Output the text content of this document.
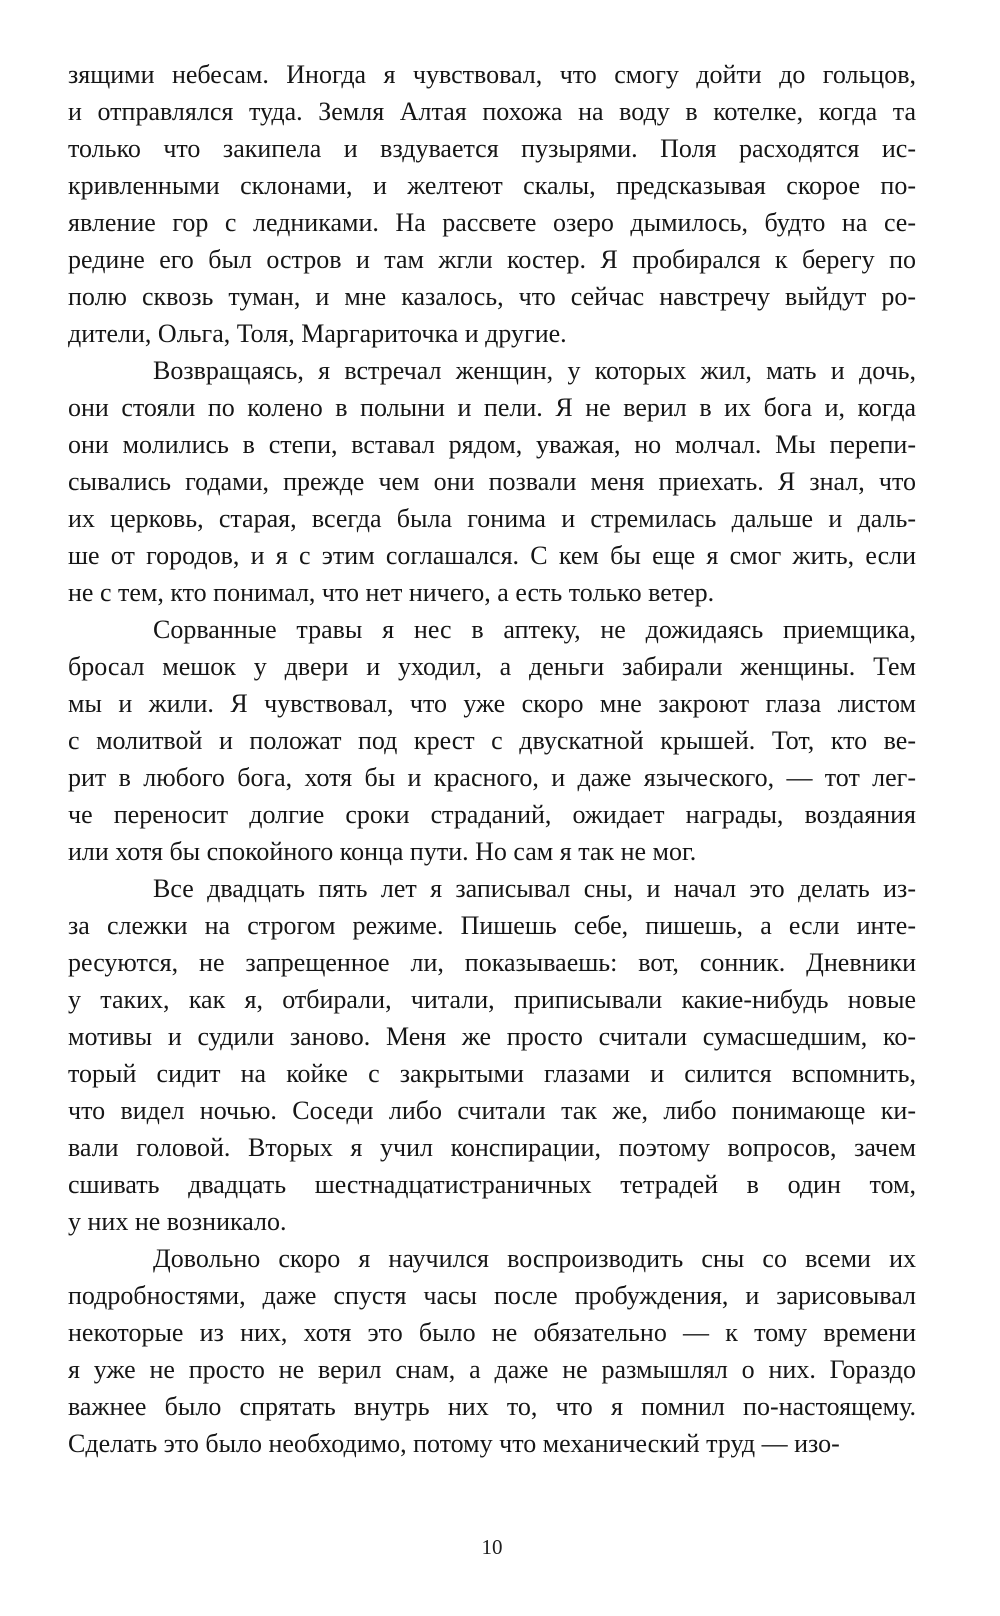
зящими небесам. Иногда я чувствовал, что смогу дойти до гольцов,
и отправлялся туда. Земля Алтая похожа на воду в котелке, когда та
только что закипела и вздувается пузырями. Поля расходятся ис-
кривленными склонами, и желтеют скалы, предсказывая скорое по-
явление гор с ледниками. На рассвете озеро дымилось, будто на се-
редине его был остров и там жгли костер. Я пробирался к берегу по
полю сквозь туман, и мне казалось, что сейчас навстречу выйдут ро-
дители, Ольга, Толя, Маргариточка и другие.
Возвращаясь, я встречал женщин, у которых жил, мать и дочь,
они стояли по колено в полыни и пели. Я не верил в их бога и, когда
они молились в степи, вставал рядом, уважая, но молчал. Мы перепи-
сывались годами, прежде чем они позвали меня приехать. Я знал, что
их церковь, старая, всегда была гонима и стремилась дальше и даль-
ше от городов, и я с этим соглашался. С кем бы еще я смог жить, если
не с тем, кто понимал, что нет ничего, а есть только ветер.
Сорванные травы я нес в аптеку, не дожидаясь приемщика,
бросал мешок у двери и уходил, а деньги забирали женщины. Тем
мы и жили. Я чувствовал, что уже скоро мне закроют глаза листом
с молитвой и положат под крест с двускатной крышей. Тот, кто ве-
рит в любого бога, хотя бы и красного, и даже языческого, — тот лег-
че переносит долгие сроки страданий, ожидает награды, воздаяния
или хотя бы спокойного конца пути. Но сам я так не мог.
Все двадцать пять лет я записывал сны, и начал это делать из-
за слежки на строгом режиме. Пишешь себе, пишешь, а если инте-
ресуются, не запрещенное ли, показываешь: вот, сонник. Дневники
у таких, как я, отбирали, читали, приписывали какие-нибудь новые
мотивы и судили заново. Меня же просто считали сумасшедшим, ко-
торый сидит на койке с закрытыми глазами и силится вспомнить,
что видел ночью. Соседи либо считали так же, либо понимающе ки-
вали головой. Вторых я учил конспирации, поэтому вопросов, зачем
сшивать двадцать шестнадцатистраничных тетрадей в один том,
у них не возникало.
Довольно скоро я научился воспроизводить сны со всеми их
подробностями, даже спустя часы после пробуждения, и зарисовывал
некоторые из них, хотя это было не обязательно — к тому времени
я уже не просто не верил снам, а даже не размышлял о них. Гораздо
важнее было спрятать внутрь них то, что я помнил по-настоящему.
Сделать это было необходимо, потому что механический труд — изо-
10
